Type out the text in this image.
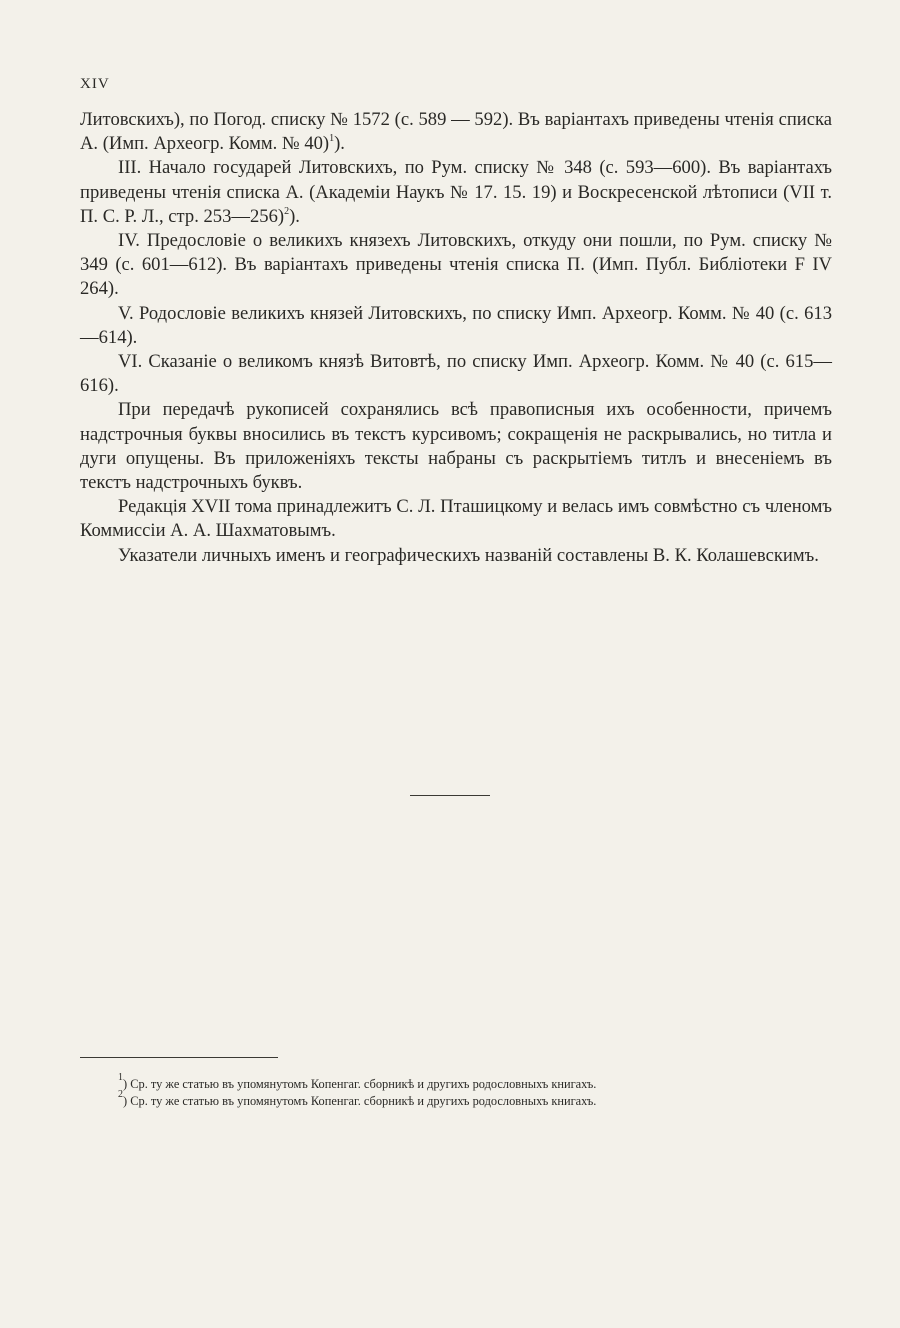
XIV

Литовскихъ), по Погод. списку № 1572 (с. 589 — 592). Въ варіантахъ приведены чтенія списка А. (Имп. Археогр. Комм. № 40)$^1$).

III. Начало государей Литовскихъ, по Рум. списку № 348 (с. 593—600). Въ варіантахъ приведены чтенія списка А. (Академіи Наукъ № 17. 15. 19) и Воскресенской лѣтописи (VII т. П. С. Р. Л., стр. 253—256)$^2$).

IV. Предословіе о великихъ князехъ Литовскихъ, откуду они пошли, по Рум. списку № 349 (с. 601—612). Въ варіантахъ приведены чтенія списка П. (Имп. Публ. Библіотеки F IV 264).

V. Родословіе великихъ князей Литовскихъ, по списку Имп. Археогр. Комм. № 40 (с. 613—614).

VI. Сказаніе о великомъ князѣ Витовтѣ, по списку Имп. Археогр. Комм. № 40 (с. 615—616).

При передачѣ рукописей сохранялись всѣ правописныя ихъ особенности, причемъ надстрочныя буквы вносились въ текстъ курсивомъ; сокращенія не раскрывались, но титла и дуги опущены. Въ приложеніяхъ тексты набраны съ раскрытіемъ титлъ и внесеніемъ въ текстъ надстрочныхъ буквъ.

Редакція XVII тома принадлежитъ С. Л. Пташицкому и велась имъ совмѣстно съ членомъ Коммиссіи А. А. Шахматовымъ.

Указатели личныхъ именъ и географическихъ названій составлены В. К. Колашевскимъ.

$^1$) Ср. ту же статью въ упомянутомъ Копенгаг. сборникѣ и другихъ родословныхъ книгахъ.
$^2$) Ср. ту же статью въ упомянутомъ Копенгаг. сборникѣ и другихъ родословныхъ книгахъ.
